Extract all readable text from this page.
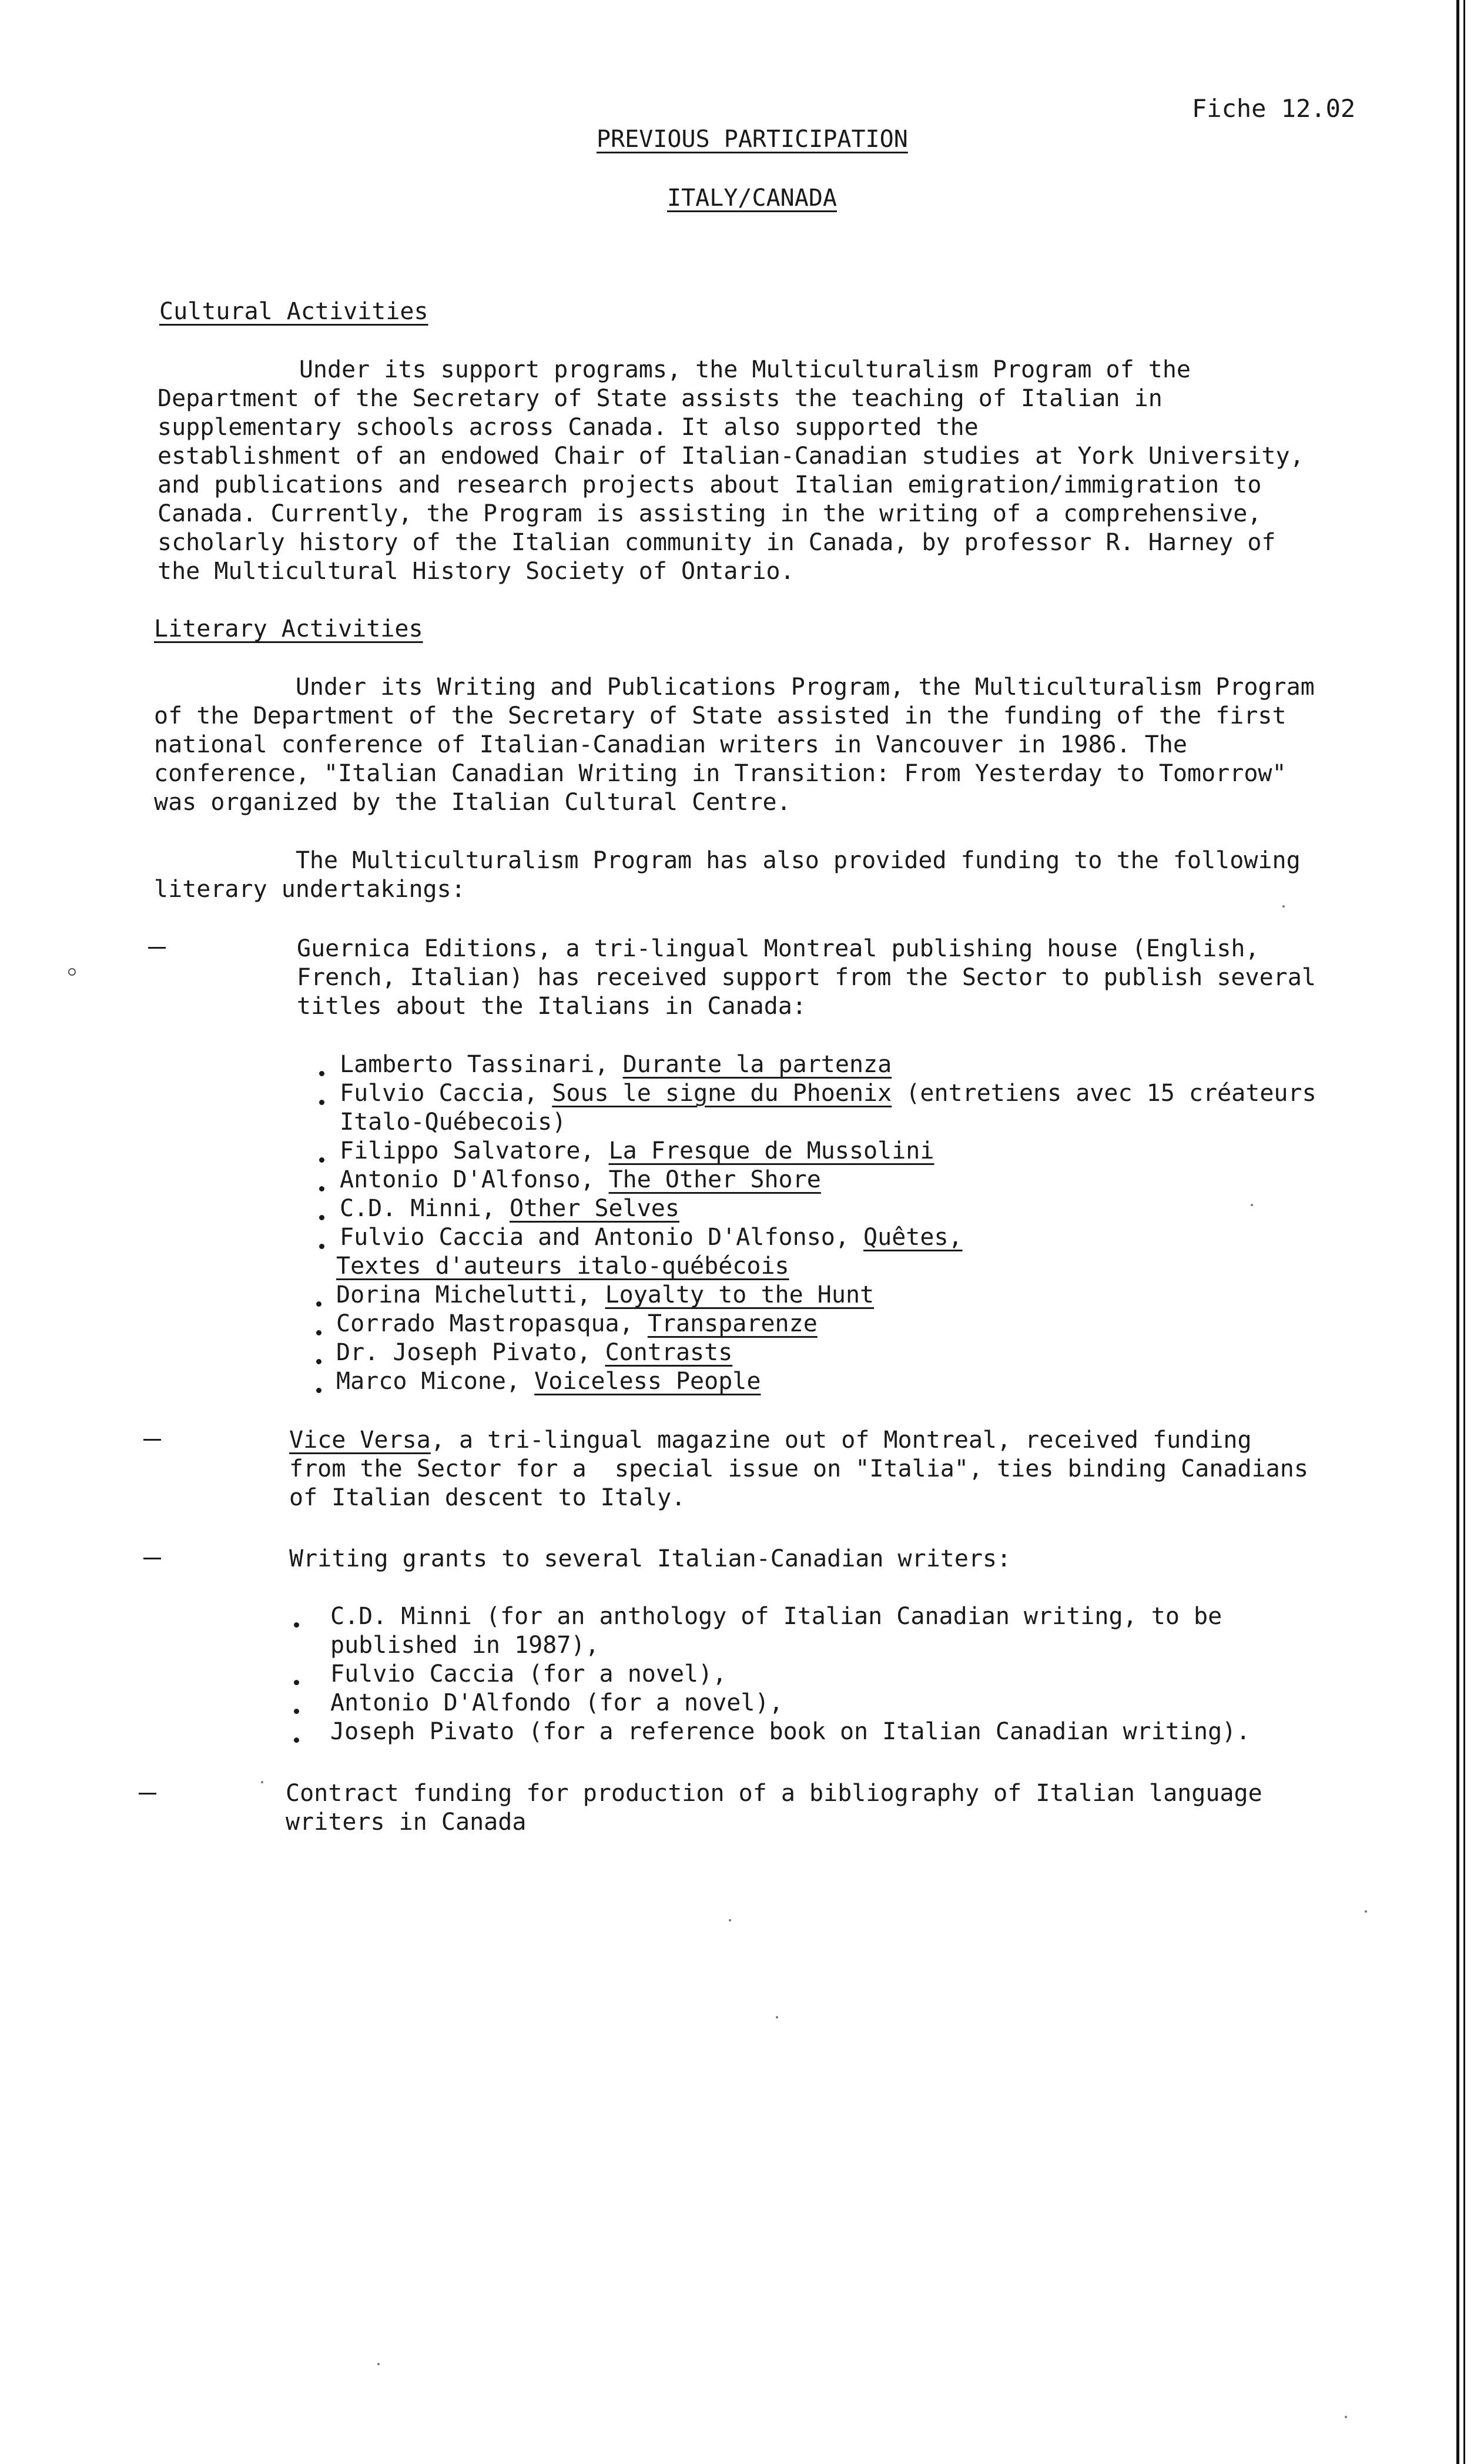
Fiche 12.02

PREVIOUS PARTICIPATION

ITALY/CANADA

Cultural Activities

Under its support programs, the Multiculturalism Program of the

Department of the Secretary of State assists the teaching of Italian in

supplementary schools across Canada. It also supported the

establishment of an endowed Chair of Italian-Canadian studies at York University,

and publications and research projects about Italian emigration/immigration to

Canada. Currently, the Program is assisting in the writing of a comprehensive,

scholarly history of the Italian community in Canada, by professor R. Harney of

the Multicultural History Society of Ontario.

Literary Activities

Under its Writing and Publications Program, the Multiculturalism Program

of the Department of the Secretary of State assisted in the funding of the first

national conference of Italian-Canadian writers in Vancouver in 1986. The

conference, "Italian Canadian Writing in Transition: From Yesterday to Tomorrow"

was organized by the Italian Cultural Centre.

The Multiculturalism Program has also provided funding to the following

literary undertakings:

Guernica Editions, a tri-lingual Montreal publishing house (English,

French, Italian) has received support from the Sector to publish several

titles about the Italians in Canada:

Lamberto Tassinari, Durante la partenza

Fulvio Caccia, Sous le signe du Phoenix (entretiens avec 15 créateurs

Italo-Québecois)

Filippo Salvatore, La Fresque de Mussolini

Antonio D'Alfonso, The Other Shore

C.D. Minni, Other Selves

Fulvio Caccia and Antonio D'Alfonso, Quêtes,

Textes d'auteurs italo-québécois

Dorina Michelutti, Loyalty to the Hunt

Corrado Mastropasqua, Transparenze

Dr. Joseph Pivato, Contrasts

Marco Micone, Voiceless People

Vice Versa, a tri-lingual magazine out of Montreal, received funding

from the Sector for a  special issue on "Italia", ties binding Canadians

of Italian descent to Italy.

Writing grants to several Italian-Canadian writers:

C.D. Minni (for an anthology of Italian Canadian writing, to be

published in 1987),

Fulvio Caccia (for a novel),

Antonio D'Alfondo (for a novel),

Joseph Pivato (for a reference book on Italian Canadian writing).

Contract funding for production of a bibliography of Italian language

writers in Canada
